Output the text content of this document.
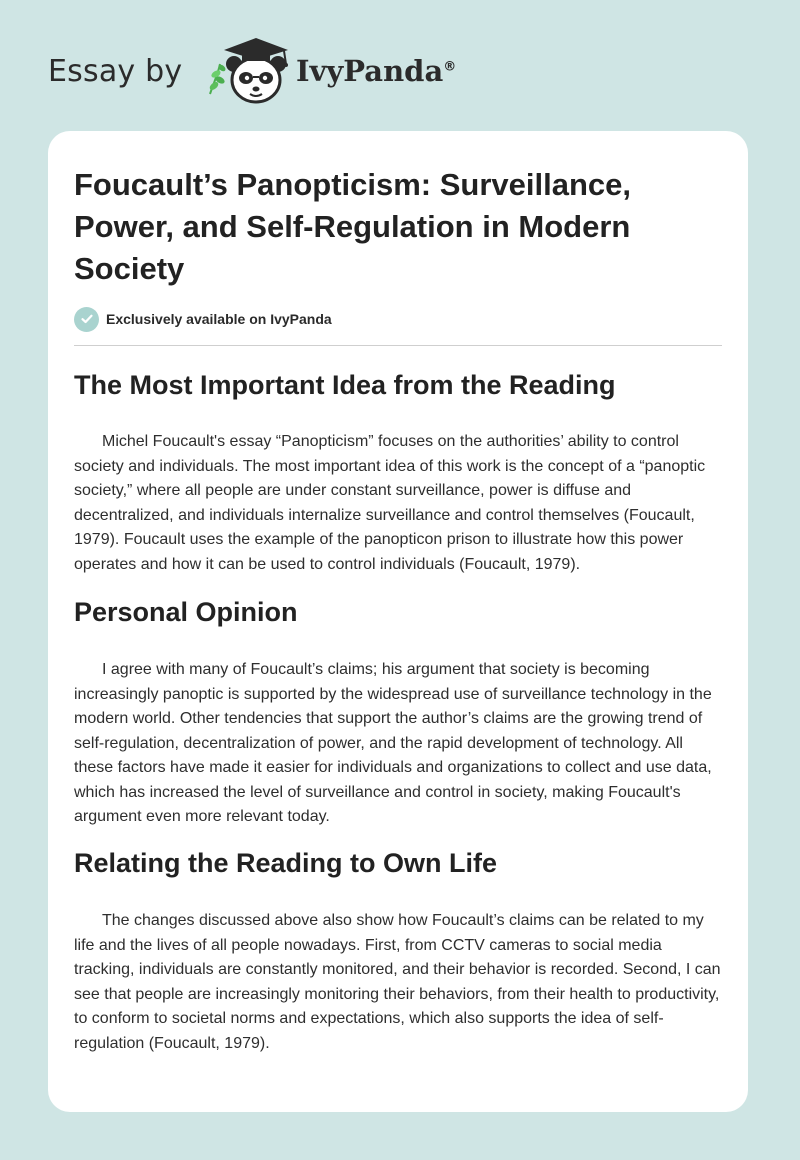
Essay by	IvyPanda®
Foucault’s Panopticism: Surveillance, Power, and Self-Regulation in Modern Society
Exclusively available on IvyPanda
The Most Important Idea from the Reading

Michel Foucault's essay “Panopticism” focuses on the authorities’ ability to control society and individuals. The most important idea of this work is the concept of a “panoptic society,” where all people are under constant surveillance, power is diffuse and decentralized, and individuals internalize surveillance and control themselves (Foucault, 1979). Foucault uses the example of the panopticon prison to illustrate how this power operates and how it can be used to control individuals (Foucault, 1979).

Personal Opinion

I agree with many of Foucault’s claims; his argument that society is becoming increasingly panoptic is supported by the widespread use of surveillance technology in the modern world. Other tendencies that support the author’s claims are the growing trend of self-regulation, decentralization of power, and the rapid development of technology. All these factors have made it easier for individuals and organizations to collect and use data, which has increased the level of surveillance and control in society, making Foucault's argument even more relevant today.

Relating the Reading to Own Life

The changes discussed above also show how Foucault’s claims can be related to my life and the lives of all people nowadays. First, from CCTV cameras to social media tracking, individuals are constantly monitored, and their behavior is recorded. Second, I can see that people are increasingly monitoring their behaviors, from their health to productivity, to conform to societal norms and expectations, which also supports the idea of self-regulation (Foucault, 1979).
